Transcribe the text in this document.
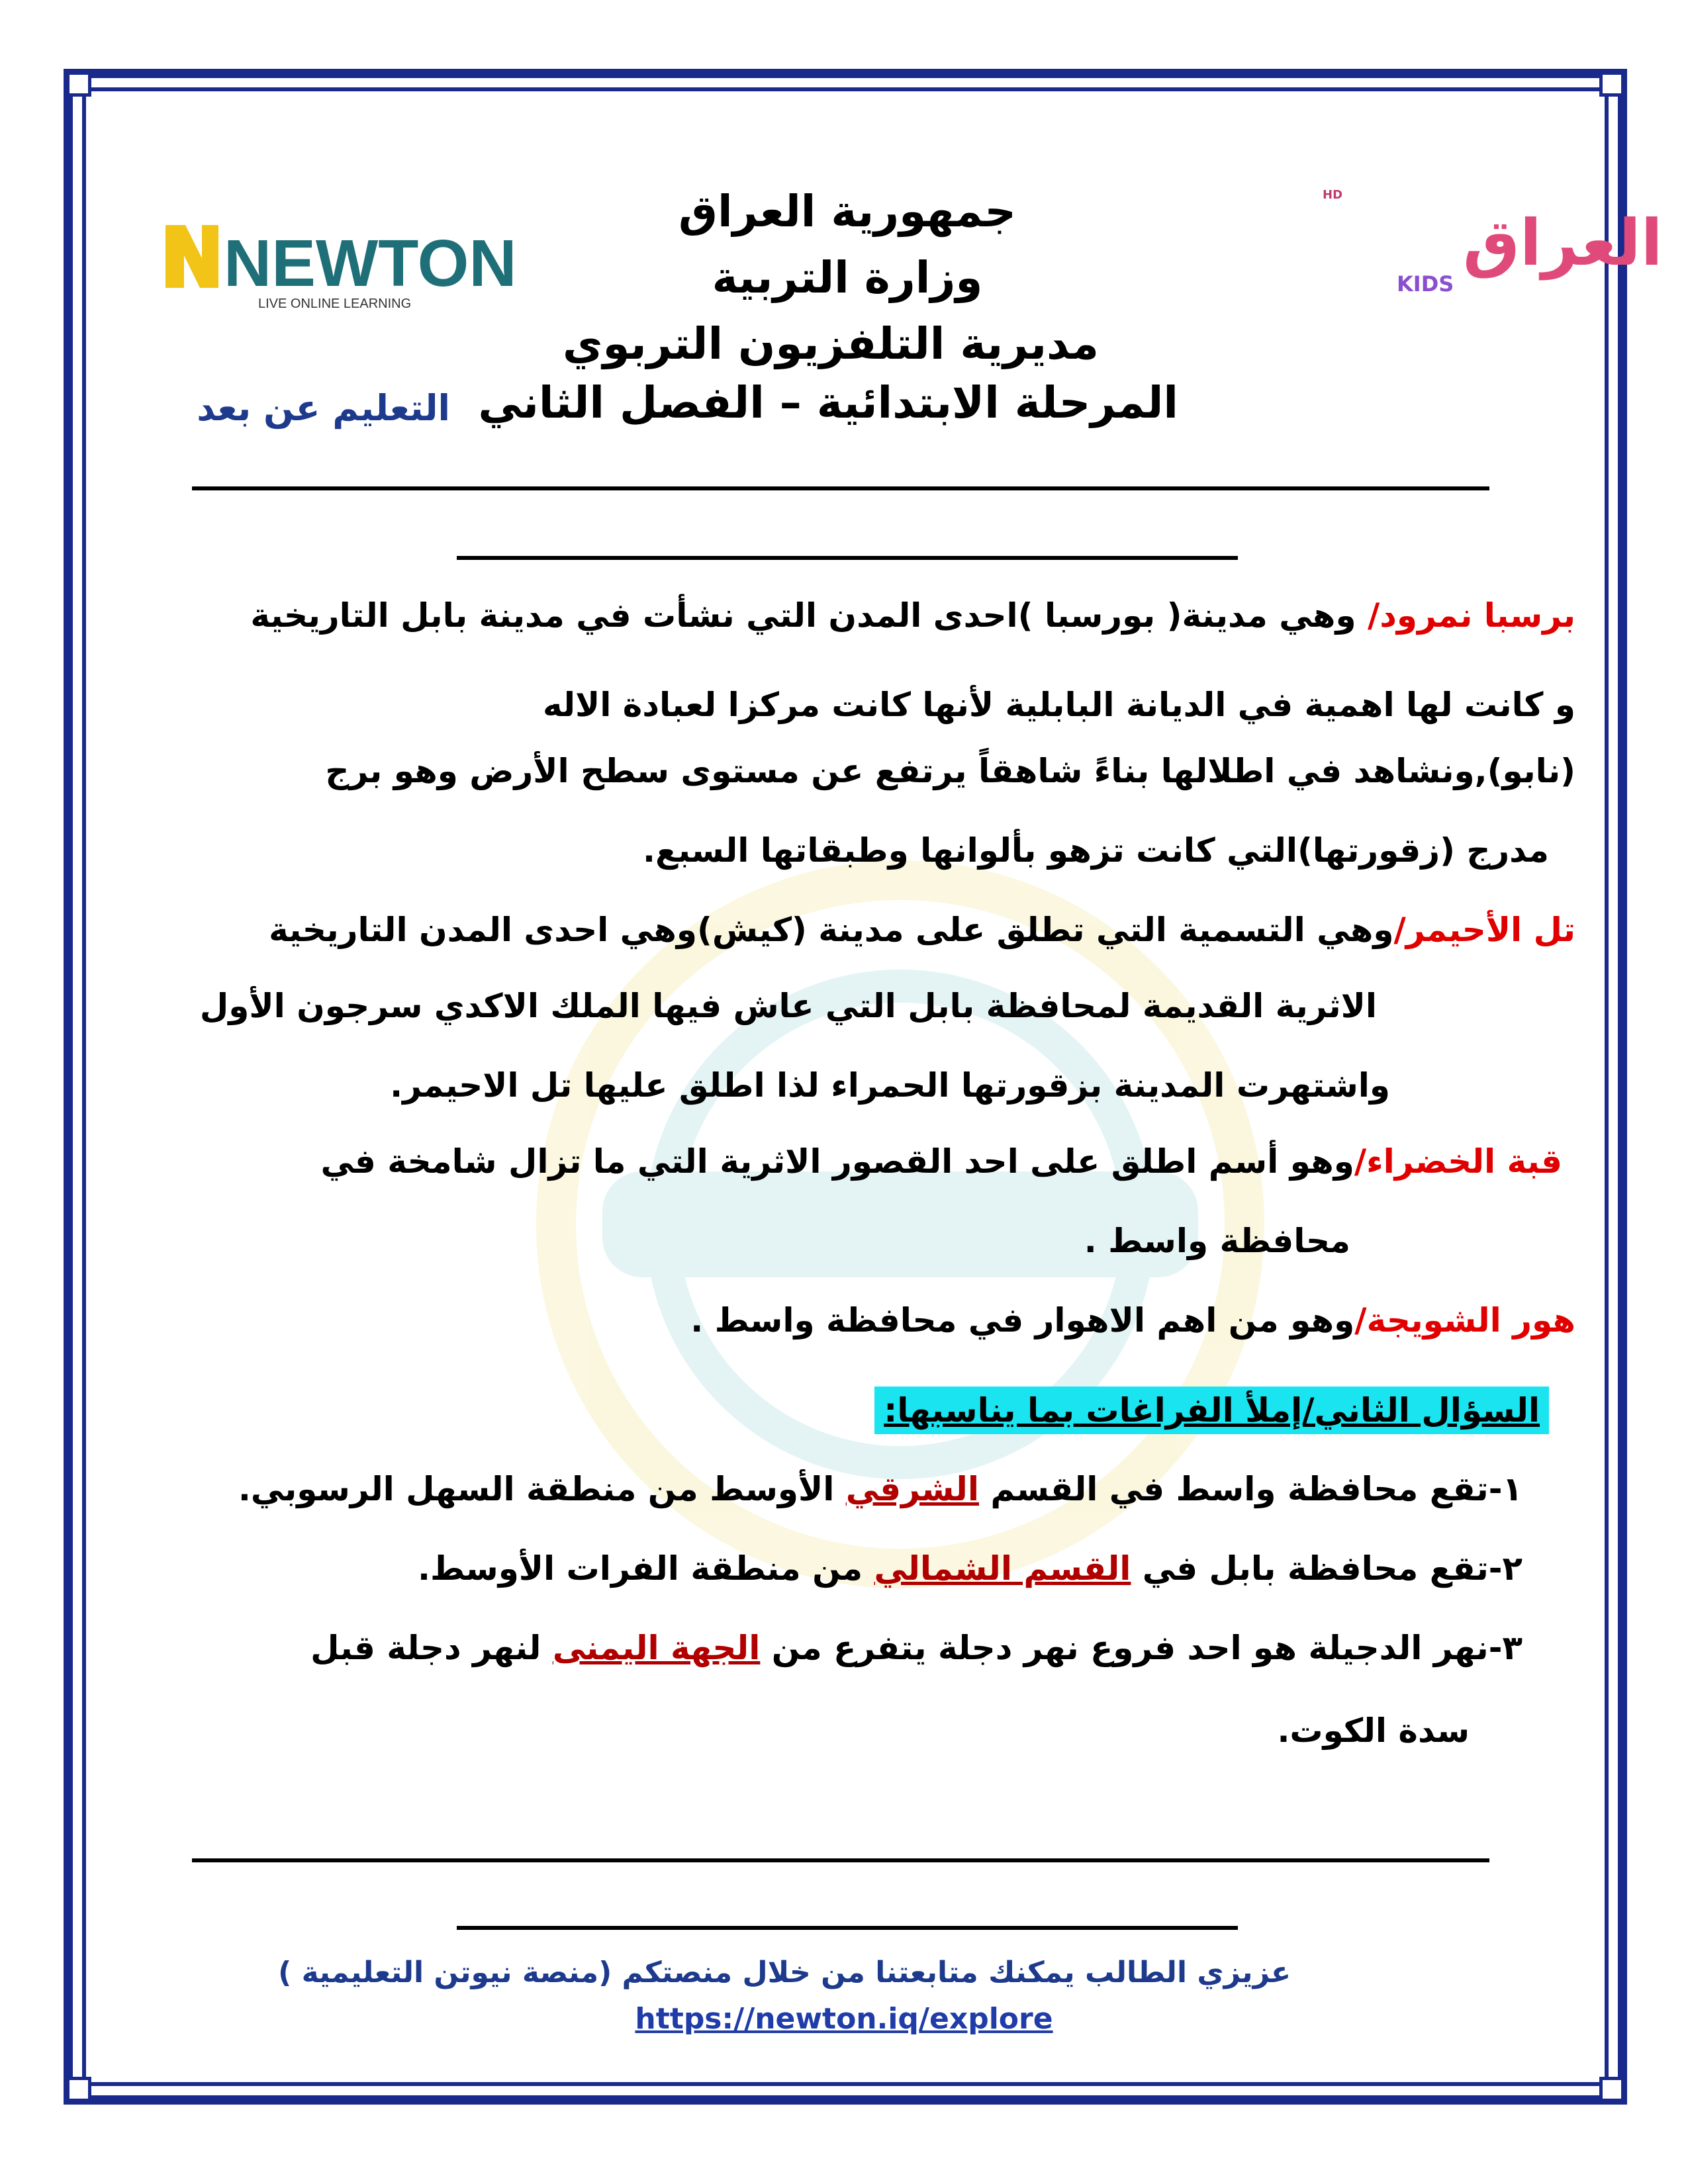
NEWTON
LIVE ONLINE LEARNING
HD
العراق
KIDS
جمهورية العراق
وزارة التربية
مديرية التلفزيون التربوي
المرحلة الابتدائية – الفصل الثاني
التعليم عن بعد
برسبا نمرود/ وهي مدينة( بورسبا )احدى المدن التي نشأت في مدينة بابل التاريخية
و كانت لها اهمية في الديانة البابلية لأنها كانت مركزا لعبادة الاله
(نابو),ونشاهد في اطلالها بناءً شاهقاً يرتفع عن مستوى سطح الأرض وهو برج
مدرج (زقورتها)التي كانت تزهو بألوانها وطبقاتها السبع.
تل الأحيمر/وهي التسمية التي تطلق على مدينة (كيش)وهي احدى المدن التاريخية
الاثرية القديمة لمحافظة بابل التي عاش فيها الملك الاكدي سرجون الأول
واشتهرت المدينة بزقورتها الحمراء لذا اطلق عليها تل الاحيمر.
قبة الخضراء/وهو أسم اطلق على احد القصور الاثرية التي ما تزال شامخة في
محافظة واسط .
هور الشويجة/وهو من اهم الاهوار في محافظة واسط .
السؤال الثاني/إملأ الفراغات بما يناسبها:
١-تقع محافظة واسط في القسم الشرقي الأوسط من منطقة السهل الرسوبي.
٢-تقع محافظة بابل في القسم الشمالي من منطقة الفرات الأوسط.
٣-نهر الدجيلة هو احد فروع نهر دجلة يتفرع من الجهة اليمنى لنهر دجلة قبل
سدة الكوت.
عزيزي الطالب يمكنك متابعتنا من خلال منصتكم (منصة نيوتن التعليمية )
https://newton.iq/explore
